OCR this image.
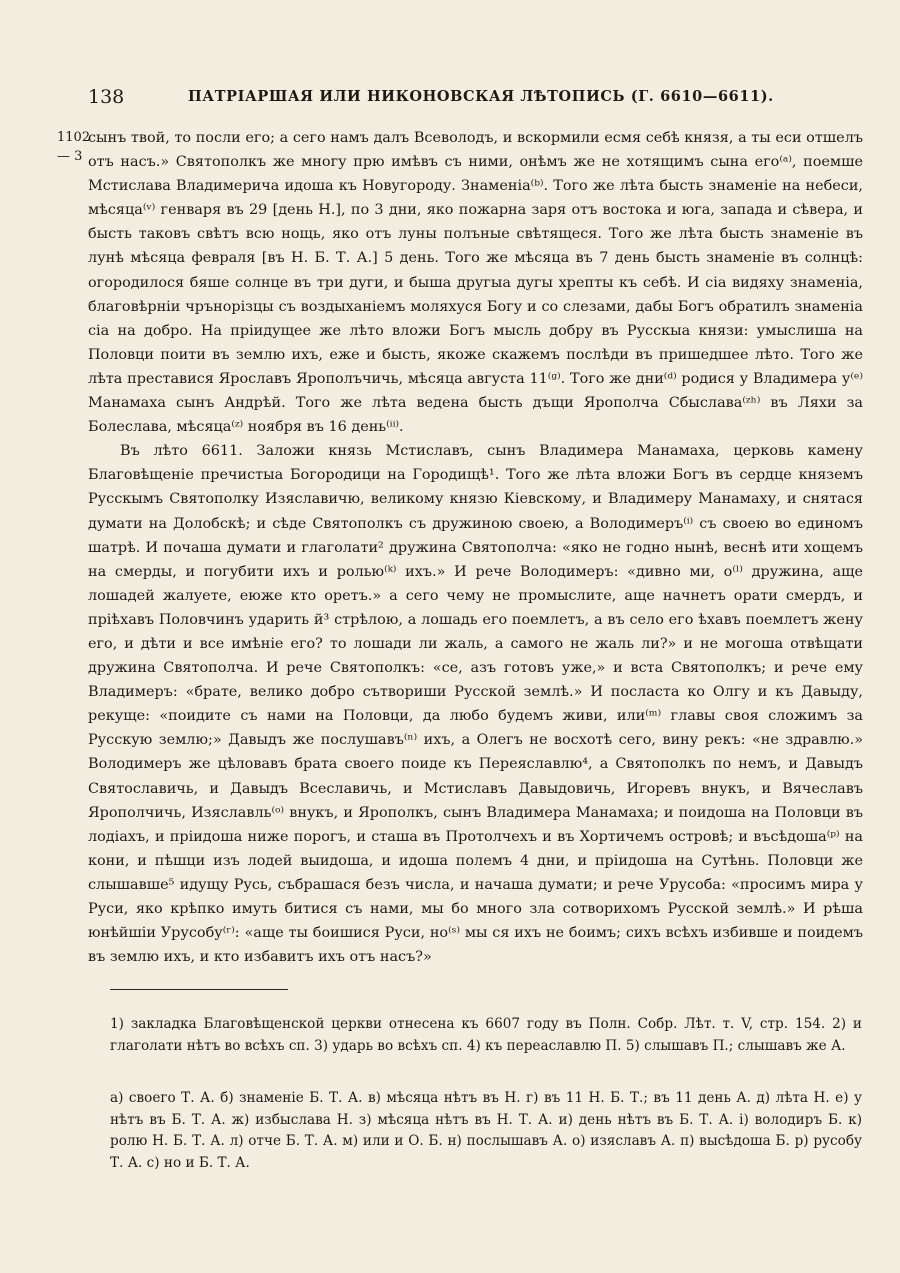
138	ПАТРІАРШАЯ ИЛИ НИКОНОВСКАЯ ЛѢТОПИСЬ (Г. 6610—6611).
1102
— 3

сынъ твой, то посли его; а сего намъ далъ Всеволодъ, и вскормили есмя себѣ князя, а ты еси отшелъ отъ насъ.» Святополкъ же многу прю имѣвъ съ ними, онѣмъ же не хотящимъ сына его⁽ᵃ⁾, поемше Мстислава Владимерича идоша къ Новугороду. Знаменіа⁽ᵇ⁾. Того же лѣта бысть знаменіе на небеси, мѣсяца⁽ᵛ⁾ генваря въ 29 [день Н.], по 3 дни, яко пожарна заря отъ востока и юга, запада и сѣвера, и бысть таковъ свѣтъ всю нощь, яко отъ луны полъные свѣтящеся. Того же лѣта бысть знаменіе въ лунѣ мѣсяца февраля [въ Н. Б. Т. А.] 5 день. Того же мѣсяца въ 7 день бысть знаменіе въ солнцѣ: огородилося бяше солнце въ три дуги, и быша другыа дугы хрепты къ себѣ. И сіа видяху знаменіа, благовѣрніи чрънорізцы съ воздыханіемъ моляхуся Богу и со слезами, дабы Богъ обратилъ знаменіа сіа на добро. На пріидущее же лѣто вложи Богъ мысль добру въ Русскыа князи: умыслиша на Половци поити въ землю ихъ, еже и бысть, якоже скажемъ послѣди въ пришедшее лѣто. Того же лѣта преставися Ярославъ Ярополъчичь, мѣсяца августа 11⁽ᵍ⁾. Того же дни⁽ᵈ⁾ родися у Владимера у⁽ᵉ⁾ Манамаха сынъ Андрѣй. Того же лѣта ведена бысть дъщи Ярополча Сбыслава⁽ᶻʰ⁾ въ Ляхи за Болеслава, мѣсяца⁽ᶻ⁾ ноября въ 16 день⁽ⁱⁱ⁾.

Въ лѣто 6611. Заложи князь Мстиславъ, сынъ Владимера Манамаха, церковь камену Благовѣщеніе пречистыа Богородици на Городищѣ¹. Того же лѣта вложи Богъ въ сердце княземъ Русскымъ Святополку Изяславичю, великому князю Кіевскому, и Владимеру Манамаху, и снятася думати на Долобскѣ; и сѣде Святополкъ съ дружиною своею, а Володимеръ⁽ⁱ⁾ съ своею во единомъ шатрѣ. И почаша думати и глаголати² дружина Святополча: «яко не годно нынѣ, веснѣ ити хощемъ на смерды, и погубити ихъ и ролью⁽ᵏ⁾ ихъ.» И рече Володимеръ: «дивно ми, о⁽ˡ⁾ дружина, аще лошадей жалуете, еюже кто оретъ.» а сего чему не промыслите, аще начнетъ орати смердъ, и пріѣхавъ Половчинъ ударить й³ стрѣлою, а лошадь его поемлетъ, а въ село его ѣхавъ поемлетъ жену его, и дѣти и все имѣніе его? то лошади ли жаль, а самого не жаль ли?» и не могоша отвѣщати дружина Святополча. И рече Святополкъ: «се, азъ готовъ уже,» и вста Святополкъ; и рече ему Владимеръ: «брате, велико добро сътвориши Русской землѣ.» И посласта ко Олгу и къ Давыду, рекуще: «поидите съ нами на Половци, да любо будемъ живи, или⁽ᵐ⁾ главы своя сложимъ за Русскую землю;» Давыдъ же послушавъ⁽ⁿ⁾ ихъ, а Олегъ не восхотѣ сего, вину рекъ: «не здравлю.» Володимеръ же цѣловавъ брата своего поиде къ Переяславлю⁴, а Святополкъ по немъ, и Давыдъ Святославичь, и Давыдъ Всеславичь, и Мстиславъ Давыдовичь, Игоревъ внукъ, и Вячеславъ Ярополчичь, Изяславль⁽ᵒ⁾ внукъ, и Ярополкъ, сынъ Владимера Манамаха; и поидоша на Половци въ лодіахъ, и пріидоша ниже порогъ, и сташа въ Протолчехъ и въ Хортичемъ островѣ; и въсѣдоша⁽ᵖ⁾ на кони, и пѣшци изъ лодей выидоша, и идоша полемъ 4 дни, и пріидоша на Сутѣнь. Половци же слышавше⁵ идущу Русь, събрашася безъ числа, и начаша думати; и рече Урусоба: «просимъ мира у Руси, яко крѣпко имуть битися съ нами, мы бо много зла сотворихомъ Русской землѣ.» И рѣша юнѣйшіи Урусобу⁽ʳ⁾: «аще ты боишися Руси, но⁽ˢ⁾ мы ся ихъ не боимъ; сихъ всѣхъ избивше и поидемъ въ землю ихъ, и кто избавитъ ихъ отъ насъ?»

1) закладка Благовѣщенской церкви отнесена къ 6607 году въ Полн. Собр. Лѣт. т. V, стр. 154. 2) и глаголати нѣтъ во всѣхъ сп. 3) ударь во всѣхъ сп. 4) къ переаславлю П. 5) слышавъ П.; слышавъ же А.
а) своего Т. А. б) знаменіе Б. Т. А. в) мѣсяца нѣтъ въ Н. г) въ 11 Н. Б. Т.; въ 11 день А. д) лѣта Н. е) у нѣтъ въ Б. Т. А. ж) избыслава Н. з) мѣсяца нѣтъ въ Н. Т. А. и) день нѣтъ въ Б. Т. А. і) володиръ Б. к) ролю Н. Б. Т. А. л) отче Б. Т. А. м) или и О. Б. н) послышавъ А. о) изяславъ А. п) высѣдоша Б. р) русобу Т. А. с) но и Б. Т. А.
